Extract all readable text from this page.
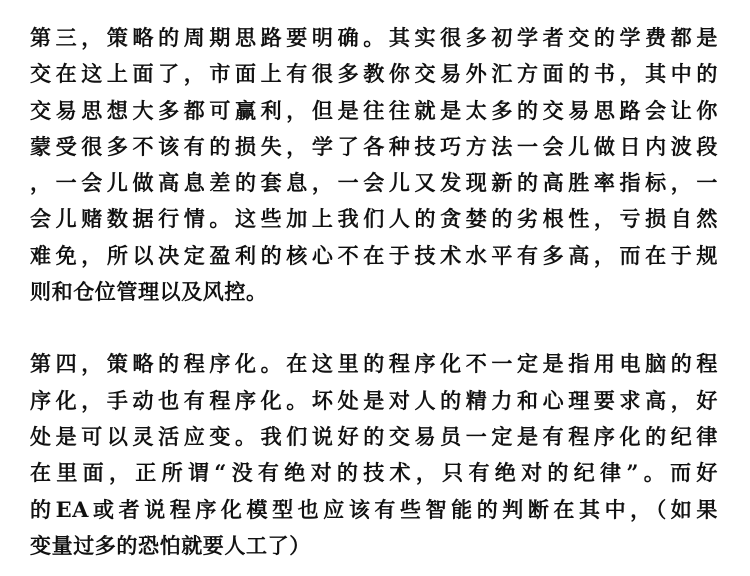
第三，策略的周期思路要明确。其实很多初学者交的学费都是
交在这上面了，市面上有很多教你交易外汇方面的书，其中的
交易思想大多都可赢利，但是往往就是太多的交易思路会让你
蒙受很多不该有的损失，学了各种技巧方法一会儿做日内波段
，一会儿做高息差的套息，一会儿又发现新的高胜率指标，一
会儿赌数据行情。这些加上我们人的贪婪的劣根性，亏损自然
难免，所以决定盈利的核心不在于技术水平有多高，而在于规
则和仓位管理以及风控。
第四，策略的程序化。在这里的程序化不一定是指用电脑的程
序化，手动也有程序化。坏处是对人的精力和心理要求高，好
处是可以灵活应变。我们说好的交易员一定是有程序化的纪律
在里面，正所谓“没有绝对的技术，只有绝对的纪律”。而好
的EA或者说程序化模型也应该有些智能的判断在其中，（如果
变量过多的恐怕就要人工了）
